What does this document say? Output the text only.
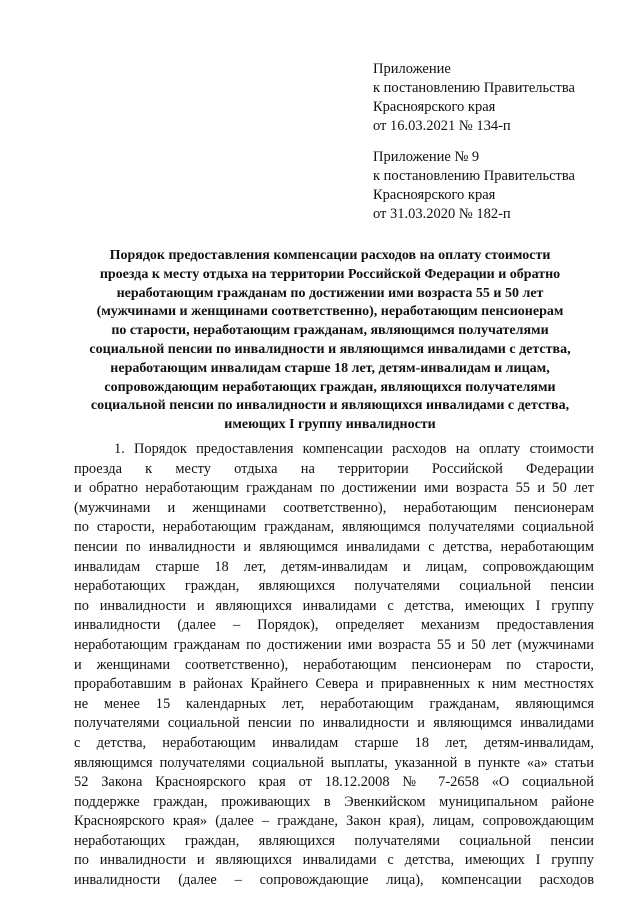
Приложение
к постановлению Правительства
Красноярского края
от 16.03.2021 № 134-п
Приложение № 9
к постановлению Правительства
Красноярского края
от 31.03.2020 № 182-п
Порядок предоставления компенсации расходов на оплату стоимости
проезда к месту отдыха на территории Российской Федерации и обратно
неработающим гражданам по достижении ими возраста 55 и 50 лет
(мужчинами и женщинами соответственно), неработающим пенсионерам
по старости, неработающим гражданам, являющимся получателями
социальной пенсии по инвалидности и являющимся инвалидами с детства,
неработающим инвалидам старше 18 лет, детям-инвалидам и лицам,
сопровождающим неработающих граждан, являющихся получателями
социальной пенсии по инвалидности и являющихся инвалидами с детства,
имеющих I группу инвалидности
1. Порядок предоставления компенсации расходов на оплату стоимости
проезда к месту отдыха на территории Российской Федерации
и обратно неработающим гражданам по достижении ими возраста 55 и 50 лет
(мужчинами и женщинами соответственно), неработающим пенсионерам
по старости, неработающим гражданам, являющимся получателями социальной
пенсии по инвалидности и являющимся инвалидами с детства, неработающим
инвалидам старше 18 лет, детям-инвалидам и лицам, сопровождающим
неработающих граждан, являющихся получателями социальной пенсии
по инвалидности и являющихся инвалидами с детства, имеющих I группу
инвалидности (далее – Порядок), определяет механизм предоставления
неработающим гражданам по достижении ими возраста 55 и 50 лет (мужчинами
и женщинами соответственно), неработающим пенсионерам по старости,
проработавшим в районах Крайнего Севера и приравненных к ним местностях
не менее 15 календарных лет, неработающим гражданам, являющимся
получателями социальной пенсии по инвалидности и являющимся инвалидами
с детства, неработающим инвалидам старше 18 лет, детям-инвалидам,
являющимся получателями социальной выплаты, указанной в пункте «а» статьи
52 Закона Красноярского края от 18.12.2008 № 7-2658 «О социальной
поддержке граждан, проживающих в Эвенкийском муниципальном районе
Красноярского края» (далее – граждане, Закон края), лицам, сопровождающим
неработающих граждан, являющихся получателями социальной пенсии
по инвалидности и являющихся инвалидами с детства, имеющих I группу
инвалидности (далее – сопровождающие лица), компенсации расходов
